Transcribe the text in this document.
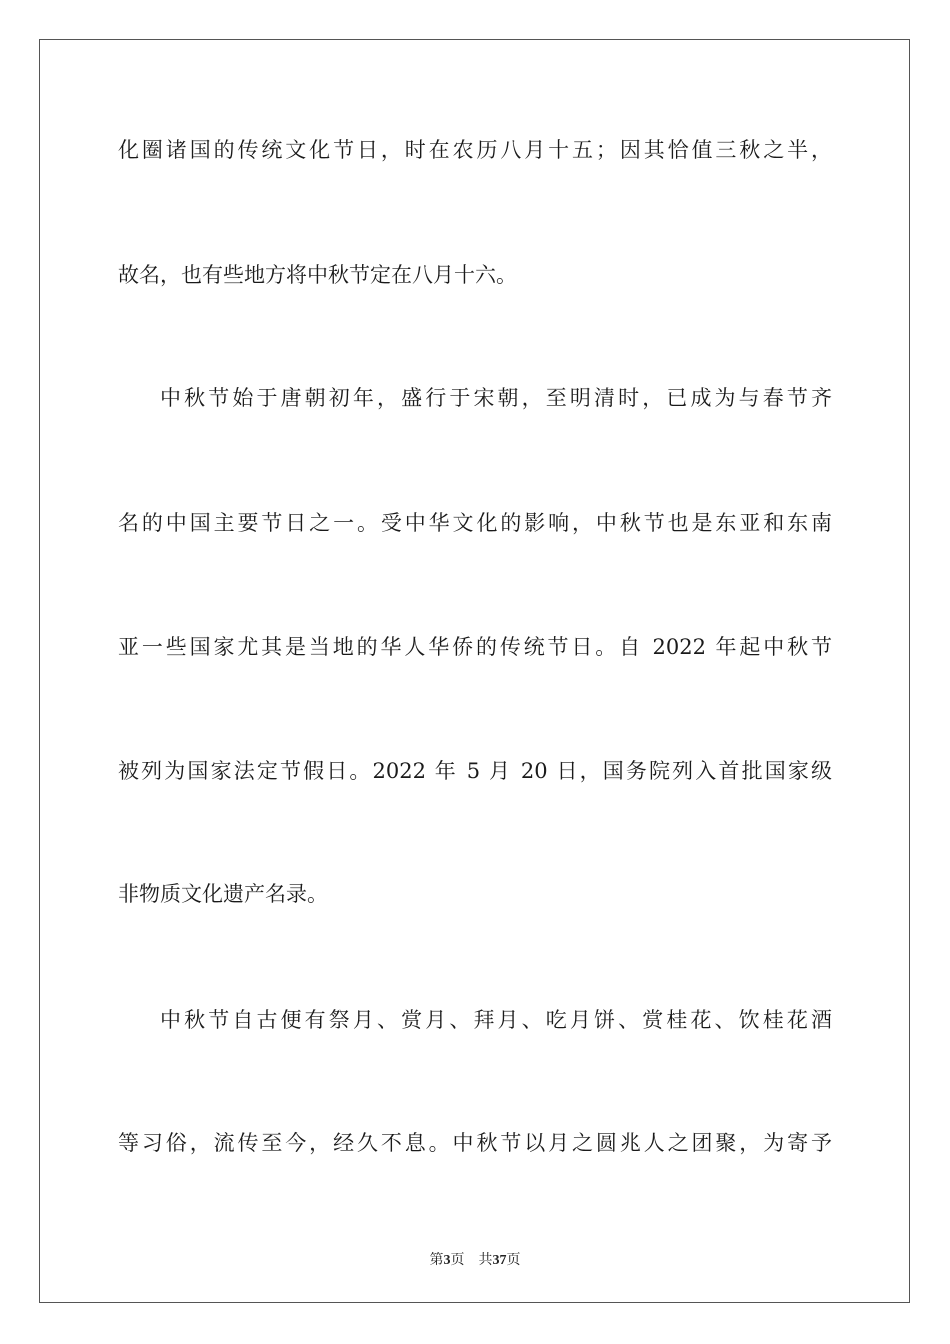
化圈诸国的传统文化节日，时在农历八月十五；因其恰值三秋之半，
故名，也有些地方将中秋节定在八月十六。
中秋节始于唐朝初年，盛行于宋朝，至明清时，已成为与春节齐
名的中国主要节日之一。受中华文化的影响，中秋节也是东亚和东南
亚一些国家尤其是当地的华人华侨的传统节日。自 2022 年起中秋节
被列为国家法定节假日。2022 年 5 月 20 日，国务院列入首批国家级
非物质文化遗产名录。
中秋节自古便有祭月、赏月、拜月、吃月饼、赏桂花、饮桂花酒
等习俗，流传至今，经久不息。中秋节以月之圆兆人之团聚，为寄予
第3页 共37页
